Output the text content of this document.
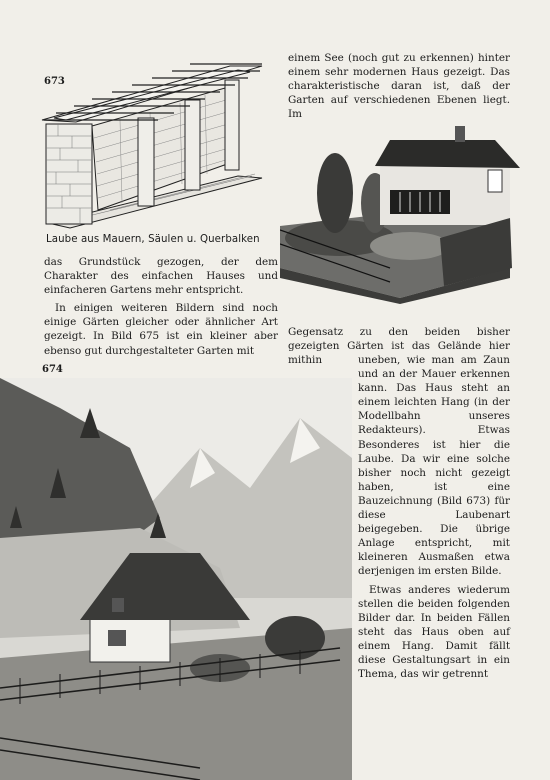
673
Laube aus Mauern, Säulen u. Querbalken
674

das Grundstück gezogen, der dem Charakter des einfachen Hauses und einfacheren Gartens mehr entspricht.

In einigen weiteren Bildern sind noch einige Gärten gleicher oder ähnlicher Art gezeigt. In Bild 675 ist ein kleiner aber ebenso gut durchgestalteter Garten mit

einem See (noch gut zu erkennen) hinter einem sehr modernen Haus gezeigt. Das charakteristische daran ist, daß der Garten auf verschiedenen Ebenen liegt. Im
Gegensatz zu den beiden bisher gezeigten Gärten ist das Gelände hier mithin	uneben, wie man am Zaun und an der Mauer erkennen kann. Das Haus steht an einem leichten Hang (in der Modellbahn unseres Redakteurs). Etwas Besonderes ist hier die Laube. Da wir eine solche bisher noch nicht gezeigt haben, ist eine Bauzeichnung (Bild 673) für diese Laubenart beigegeben. Die übrige Anlage entspricht, mit kleineren Ausmaßen etwa derjenigen im ersten Bilde.

Etwas anderes wiederum stellen die beiden folgenden Bilder dar. In beiden Fällen steht das Haus oben auf einem Hang. Damit fällt diese Gestaltungsart in ein Thema, das wir getrennt
